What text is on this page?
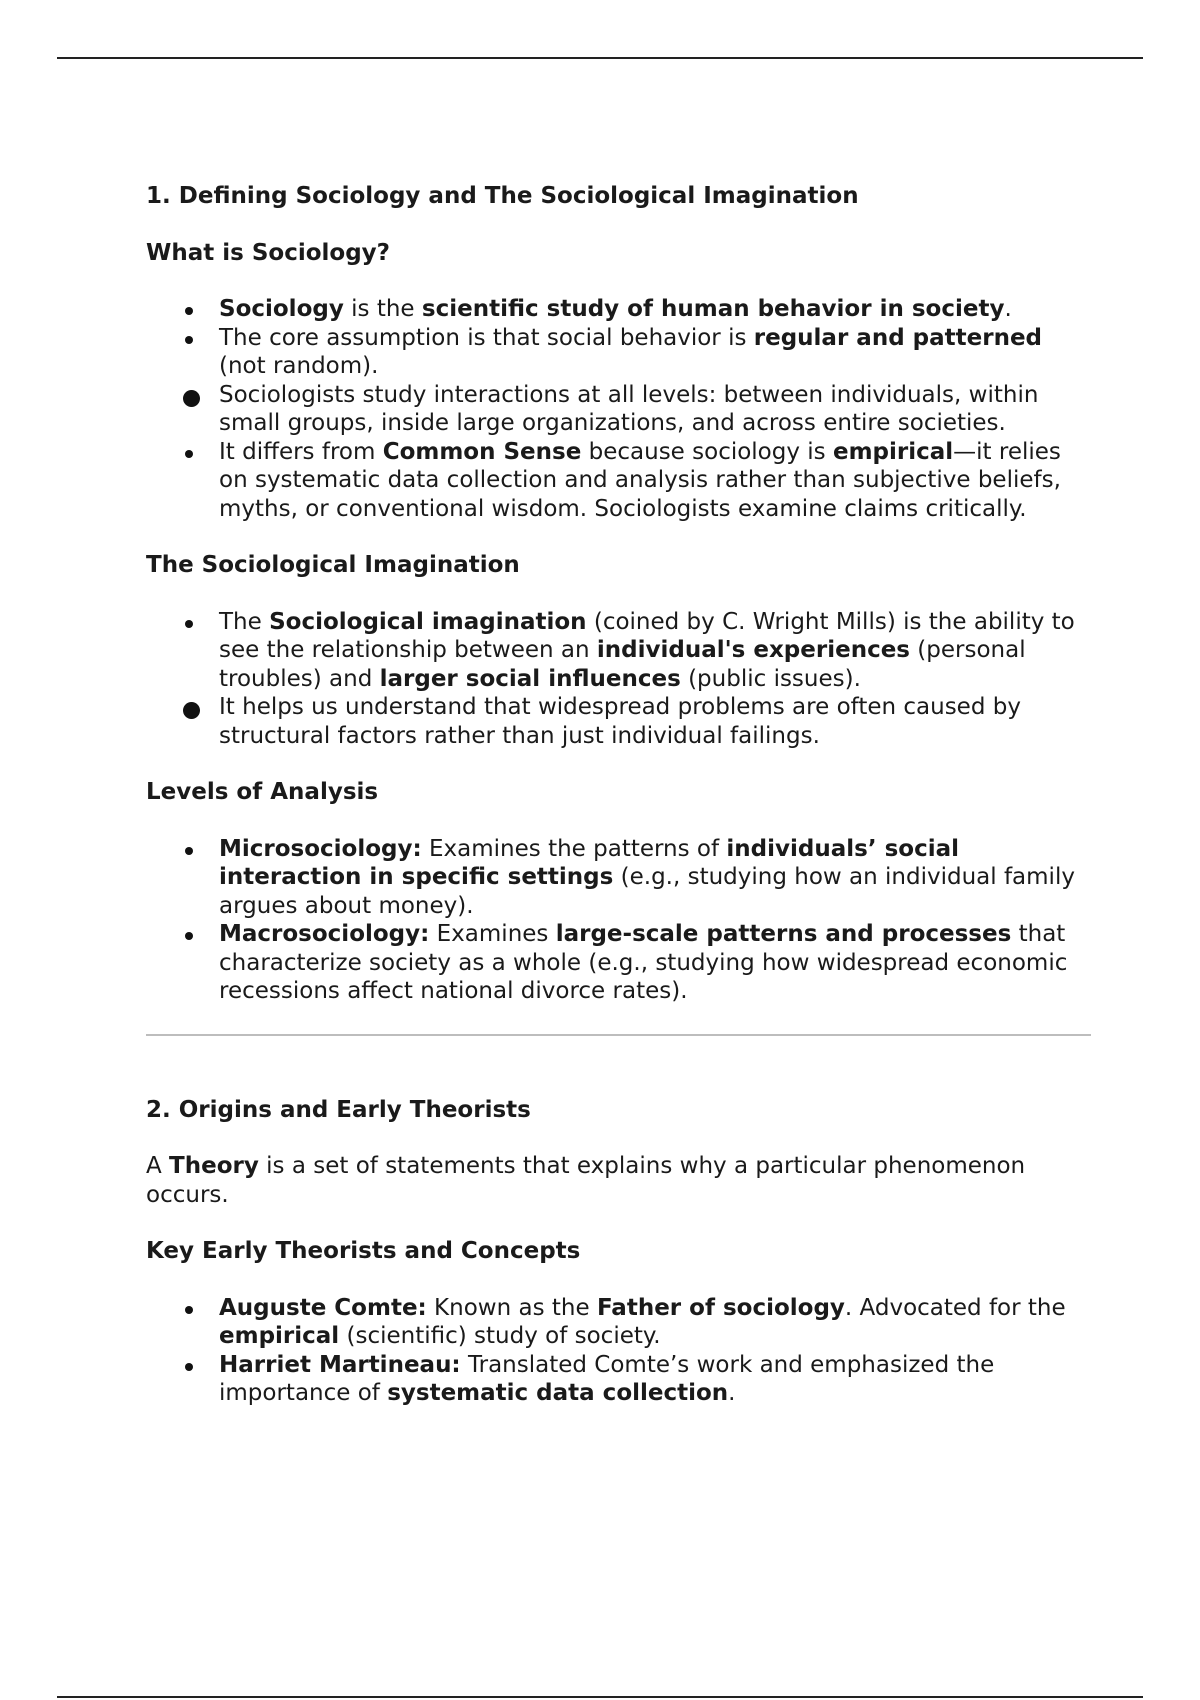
1. Defining Sociology and The Sociological Imagination
What is Sociology?
Sociology is the scientific study of human behavior in society.
The core assumption is that social behavior is regular and patterned (not random).
Sociologists study interactions at all levels: between individuals, within small groups, inside large organizations, and across entire societies.
It differs from Common Sense because sociology is empirical—it relies on systematic data collection and analysis rather than subjective beliefs, myths, or conventional wisdom. Sociologists examine claims critically.
The Sociological Imagination
The Sociological imagination (coined by C. Wright Mills) is the ability to see the relationship between an individual's experiences (personal troubles) and larger social influences (public issues).
It helps us understand that widespread problems are often caused by structural factors rather than just individual failings.
Levels of Analysis
Microsociology: Examines the patterns of individuals’ social interaction in specific settings (e.g., studying how an individual family argues about money).
Macrosociology: Examines large-scale patterns and processes that characterize society as a whole (e.g., studying how widespread economic recessions affect national divorce rates).
2. Origins and Early Theorists
A Theory is a set of statements that explains why a particular phenomenon occurs.
Key Early Theorists and Concepts
Auguste Comte: Known as the Father of sociology. Advocated for the empirical (scientific) study of society.
Harriet Martineau: Translated Comte’s work and emphasized the importance of systematic data collection.
